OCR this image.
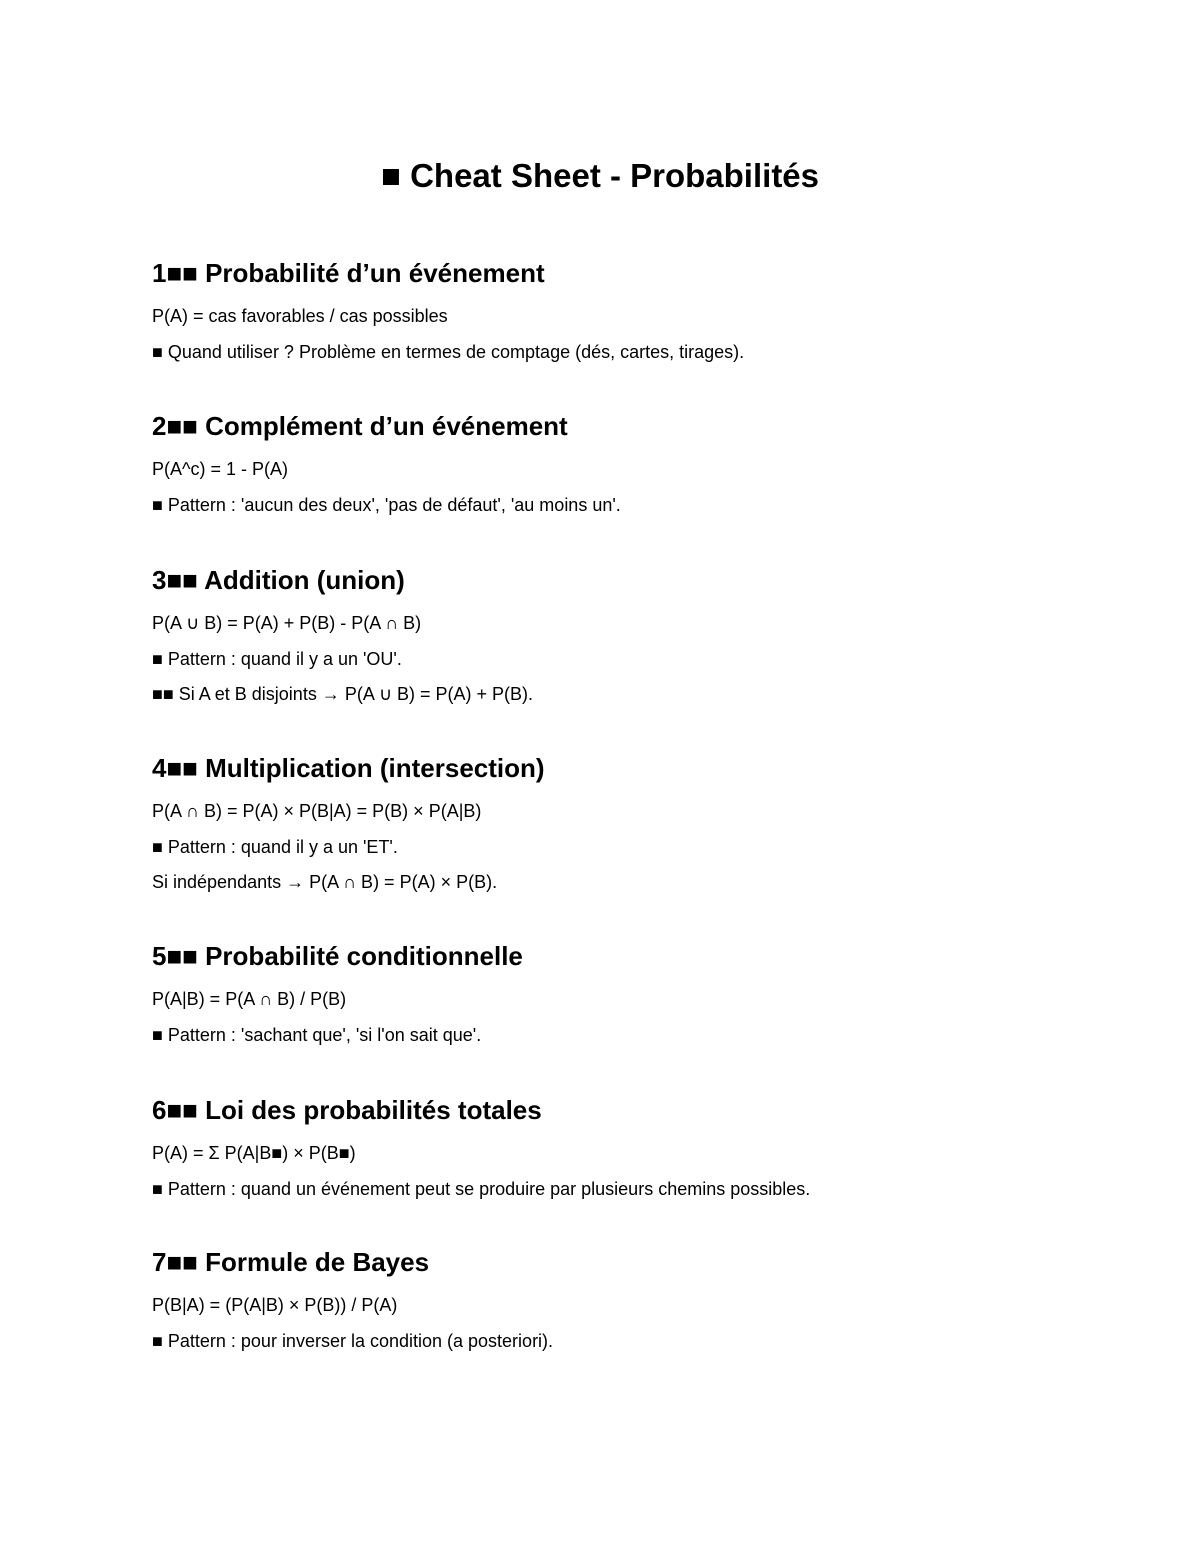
■ Cheat Sheet - Probabilités
1■■ Probabilité d’un événement

P(A) = cas favorables / cas possibles

■ Quand utiliser ? Problème en termes de comptage (dés, cartes, tirages).

2■■ Complément d’un événement

P(A^c) = 1 - P(A)

■ Pattern : 'aucun des deux', 'pas de défaut', 'au moins un'.

3■■ Addition (union)

P(A ∪ B) = P(A) + P(B) - P(A ∩ B)

■ Pattern : quand il y a un 'OU'.

■■ Si A et B disjoints → P(A ∪ B) = P(A) + P(B).

4■■ Multiplication (intersection)

P(A ∩ B) = P(A) × P(B|A) = P(B) × P(A|B)

■ Pattern : quand il y a un 'ET'.

Si indépendants → P(A ∩ B) = P(A) × P(B).

5■■ Probabilité conditionnelle

P(A|B) = P(A ∩ B) / P(B)

■ Pattern : 'sachant que', 'si l'on sait que'.

6■■ Loi des probabilités totales

P(A) = Σ P(A|B■) × P(B■)

■ Pattern : quand un événement peut se produire par plusieurs chemins possibles.

7■■ Formule de Bayes

P(B|A) = (P(A|B) × P(B)) / P(A)

■ Pattern : pour inverser la condition (a posteriori).
